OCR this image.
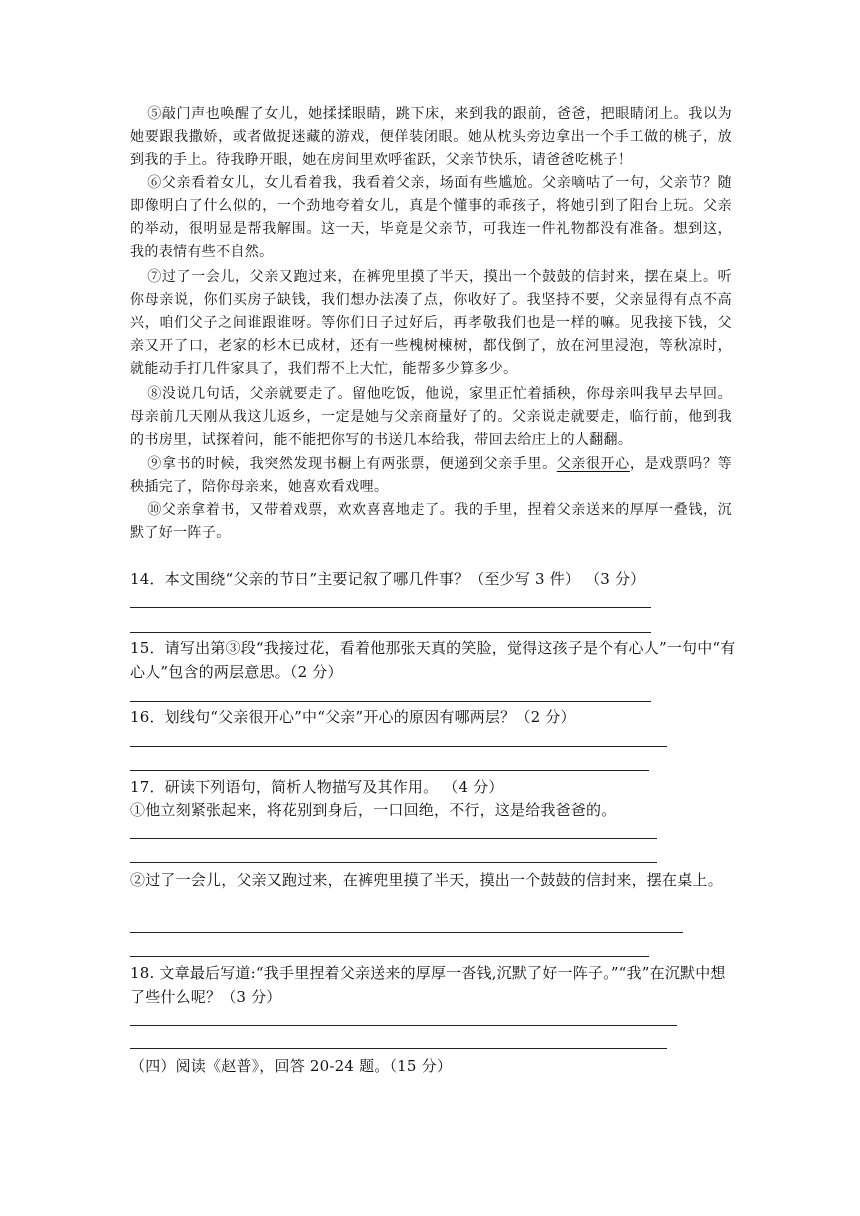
⑤敲门声也唤醒了女儿，她揉揉眼睛，跳下床，来到我的跟前，爸爸，把眼睛闭上。我以为她要跟我撒娇，或者做捉迷藏的游戏，便佯装闭眼。她从枕头旁边拿出一个手工做的桃子，放到我的手上。待我睁开眼，她在房间里欢呼雀跃，父亲节快乐，请爸爸吃桃子！

⑥父亲看着女儿，女儿看着我，我看着父亲，场面有些尴尬。父亲嘀咕了一句，父亲节？随即像明白了什么似的，一个劲地夸着女儿，真是个懂事的乖孩子，将她引到了阳台上玩。父亲的举动，很明显是帮我解围。这一天，毕竟是父亲节，可我连一件礼物都没有准备。想到这，我的表情有些不自然。

⑦过了一会儿，父亲又跑过来，在裤兜里摸了半天，摸出一个鼓鼓的信封来，摆在桌上。听你母亲说，你们买房子缺钱，我们想办法凑了点，你收好了。我坚持不要，父亲显得有点不高兴，咱们父子之间谁跟谁呀。等你们日子过好后，再孝敬我们也是一样的嘛。见我接下钱，父亲又开了口，老家的杉木已成材，还有一些槐树楝树，都伐倒了，放在河里浸泡，等秋凉时，就能动手打几件家具了，我们帮不上大忙，能帮多少算多少。

⑧没说几句话，父亲就要走了。留他吃饭，他说，家里正忙着插秧，你母亲叫我早去早回。母亲前几天刚从我这儿返乡，一定是她与父亲商量好了的。父亲说走就要走，临行前，他到我的书房里，试探着问，能不能把你写的书送几本给我，带回去给庄上的人翻翻。

⑨拿书的时候，我突然发现书橱上有两张票，便递到父亲手里。父亲很开心，是戏票吗？等秧插完了，陪你母亲来，她喜欢看戏哩。

⑩父亲拿着书，又带着戏票，欢欢喜喜地走了。我的手里，捏着父亲送来的厚厚一叠钱，沉默了好一阵子。

14．本文围绕“父亲的节日”主要记叙了哪几件事？（至少写 3 件） （3 分）

15．请写出第③段“我接过花，看着他那张天真的笑脸，觉得这孩子是个有心人”一句中“有心人”包含的两层意思。（2 分）

16．划线句“父亲很开心”中“父亲”开心的原因有哪两层？（2 分）

17．研读下列语句，简析人物描写及其作用。 （4 分）

①他立刻紧张起来，将花别到身后，一口回绝，不行，这是给我爸爸的。

②过了一会儿，父亲又跑过来，在裤兜里摸了半天，摸出一个鼓鼓的信封来，摆在桌上。

18. 文章最后写道:“我手里捏着父亲送来的厚厚一沓钱,沉默了好一阵子。”“我”在沉默中想了些什么呢？（3 分）

（四）阅读《赵普》，回答 20-24 题。（15 分）
